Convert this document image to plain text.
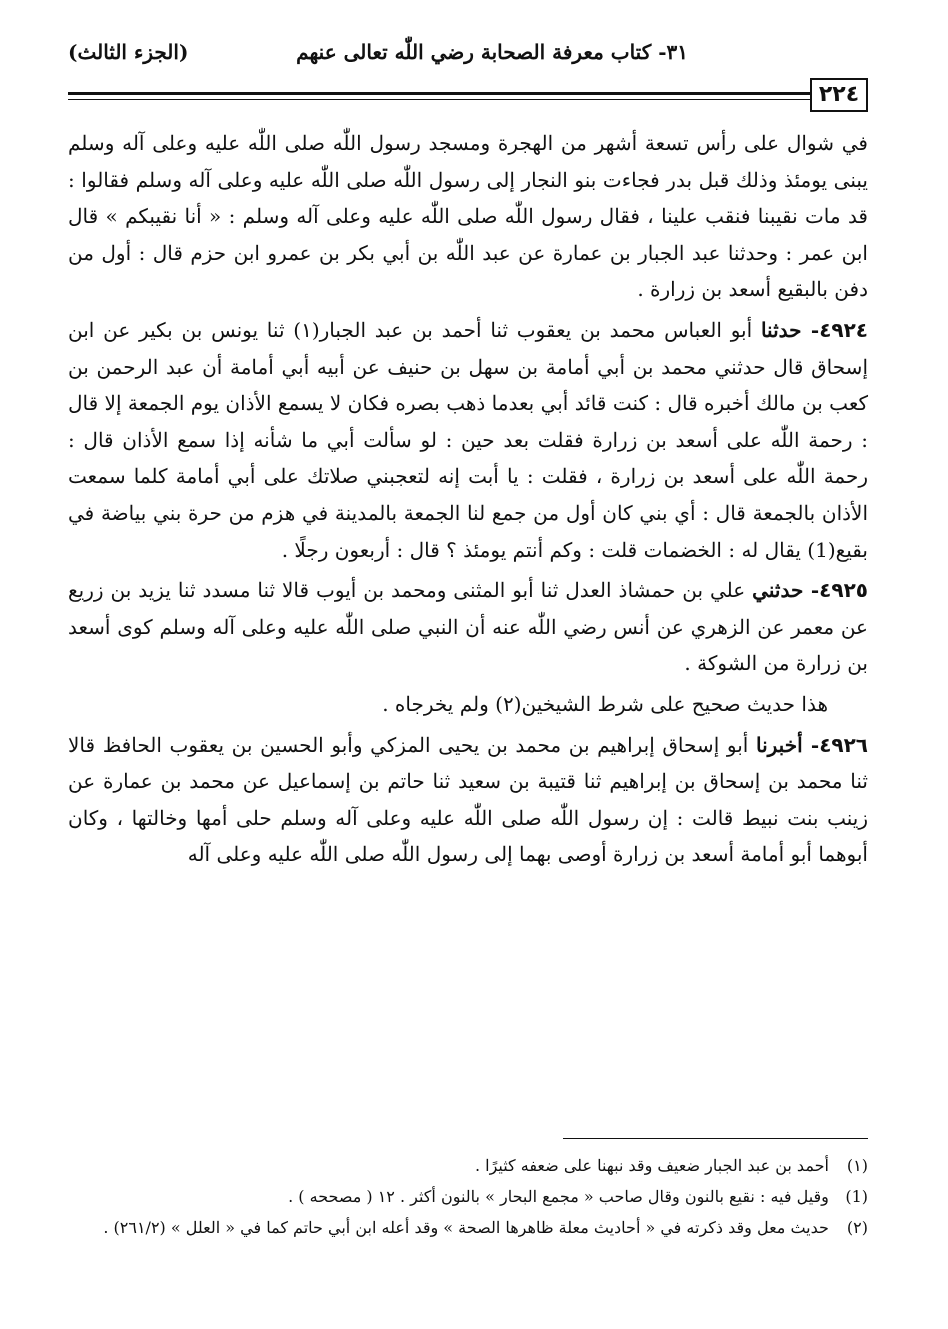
٣١- كتاب معرفة الصحابة رضي اللّٰه تعالى عنهم
(الجزء الثالث)
٢٢٤

في شوال على رأس تسعة أشهر من الهجرة ومسجد رسول اللّٰه صلى اللّٰه عليه وعلى آله وسلم يبنى يومئذ وذلك قبل بدر فجاءت بنو النجار إلى رسول اللّٰه صلى اللّٰه عليه وعلى آله وسلم فقالوا : قد مات نقيبنا فنقب علينا ، فقال رسول اللّٰه صلى اللّٰه عليه وعلى آله وسلم : « أنا نقيبكم » قال ابن عمر : وحدثنا عبد الجبار بن عمارة عن عبد اللّٰه بن أبي بكر بن عمرو ابن حزم قال : أول من دفن بالبقيع أسعد بن زرارة .

٤٩٢٤- حدثنا أبو العباس محمد بن يعقوب ثنا أحمد بن عبد الجبار(١) ثنا يونس بن بكير عن ابن إسحاق قال حدثني محمد بن أبي أمامة بن سهل بن حنيف عن أبيه أبي أمامة أن عبد الرحمن بن كعب بن مالك أخبره قال : كنت قائد أبي بعدما ذهب بصره فكان لا يسمع الأذان يوم الجمعة إلا قال : رحمة اللّٰه على أسعد بن زرارة فقلت بعد حين : لو سألت أبي ما شأنه إذا سمع الأذان قال : رحمة اللّٰه على أسعد بن زرارة ، فقلت : يا أبت إنه لتعجبني صلاتك على أبي أمامة كلما سمعت الأذان بالجمعة قال : أي بني كان أول من جمع لنا الجمعة بالمدينة في هزم من حرة بني بياضة في بقيع(1) يقال له : الخضمات قلت : وكم أنتم يومئذ ؟ قال : أربعون رجلًا .

٤٩٢٥- حدثني علي بن حمشاذ العدل ثنا أبو المثنى ومحمد بن أيوب قالا ثنا مسدد ثنا يزيد بن زريع عن معمر عن الزهري عن أنس رضي اللّٰه عنه أن النبي صلى اللّٰه عليه وعلى آله وسلم كوى أسعد بن زرارة من الشوكة .

هذا حديث صحيح على شرط الشيخين(٢) ولم يخرجاه .

٤٩٢٦- أخبرنا أبو إسحاق إبراهيم بن محمد بن يحيى المزكي وأبو الحسين بن يعقوب الحافظ قالا ثنا محمد بن إسحاق بن إبراهيم ثنا قتيبة بن سعيد ثنا حاتم بن إسماعيل عن محمد بن عمارة عن زينب بنت نبيط قالت : إن رسول اللّٰه صلى اللّٰه عليه وعلى آله وسلم حلى أمها وخالتها ، وكان أبوهما أبو أمامة أسعد بن زرارة أوصى بهما إلى رسول اللّٰه صلى اللّٰه عليه وعلى آله

(١) أحمد بن عبد الجبار ضعيف وقد نبهنا على ضعفه كثيرًا .
(1) وقيل فيه : نقيع بالنون وقال صاحب « مجمع البحار » بالنون أكثر . ١٢ ( مصححه ) .
(٢) حديث معل وقد ذكرته في « أحاديث معلة ظاهرها الصحة » وقد أعله ابن أبي حاتم كما في « العلل » (٢٦١/٢) .
